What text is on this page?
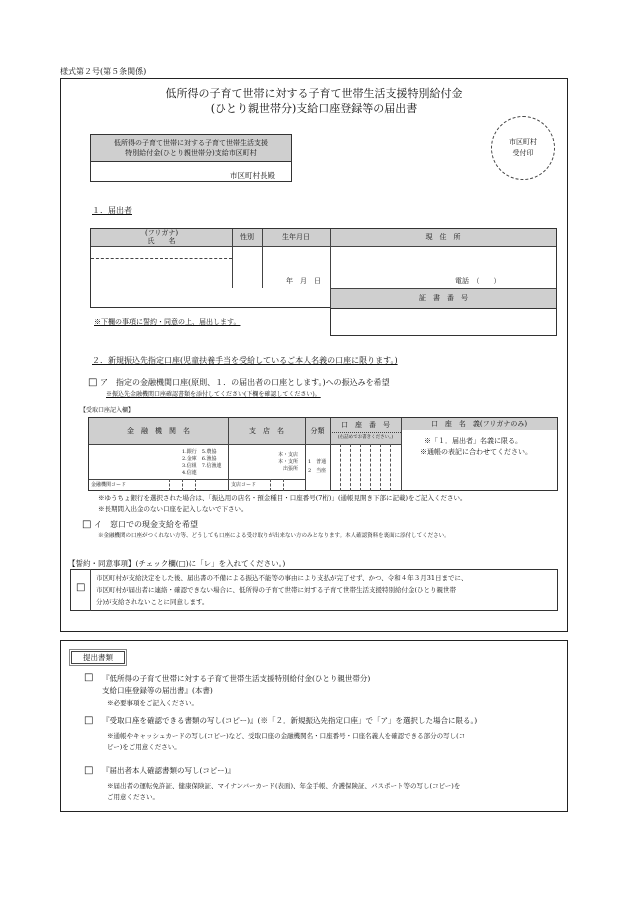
様式第２号(第５条関係)
低所得の子育て世帯に対する子育て世帯生活支援特別給付金
(ひとり親世帯分)支給口座登録等の届出書
市区町村
受付印
低所得の子育て世帯に対する子育て世帯生活支援
特別給付金(ひとり親世帯分)支給市区町村
市区町村長殿
１．届出者
(フリガナ)
氏　　名	性別	生年月日	現　住　所
年　月　日	電話　（　　）
証　書　番　号
※下欄の事項に誓約・同意の上、届出します。
２．新規振込先指定口座(児童扶養手当を受給しているご本人名義の口座に限ります。)
□ ア　指定の金融機関口座(原則、１．の届出者の口座とします。)への振込みを希望
※振込先金融機関口座確認書類を添付してください(下欄を確認してください)。
【受取口座記入欄】
金　融　機　関　名	支　店　名	分類
口　座　番　号
(右詰めでお書きください。)
口　座　名　義(フリガナのみ)
※「１．届出者」名義に限る。
※通帳の表記に合わせてください。
1.銀行　5.農協
2.金庫　6.漁協
3.信組　7.信漁連
4.信連
本・支店
本・支所
出張所
1　普通
2　当座
金融機関コード	支店コード
※ゆうちょ銀行を選択された場合は、「振込用の店名・預金種目・口座番号(7桁)」(通帳見開き下部に記載)をご記入ください。
※長期間入出金のない口座を記入しないで下さい。
□ イ　窓口での現金支給を希望
※金融機関の口座がつくれない方等、どうしても口座による受け取りが出来ない方のみとなります。本人確認資料を裏面に添付してください。
【誓約・同意事項】(チェック欄(□)に「レ」を入れてください。)
□
市区町村が支給決定をした後、届出書の不備による振込不能等の事由により支払が完了せず、かつ、令和４年３月31日までに、
市区町村が届出者に連絡・確認できない場合に、低所得の子育て世帯に対する子育て世帯生活支援特別給付金(ひとり親世帯
分)が支給されないことに同意します。
提出書類
□ 『低所得の子育て世帯に対する子育て世帯生活支援特別給付金(ひとり親世帯分)
支給口座登録等の届出書』(本書)
※必要事項をご記入ください。
□ 『受取口座を確認できる書類の写し(コピー)』(※「２．新規振込先指定口座」で「ア」を選択した場合に限る。)
※通帳やキャッシュカードの写し(コピー)など、受取口座の金融機関名・口座番号・口座名義人を確認できる部分の写し(コ
ピー)をご用意ください。
□ 『届出者本人確認書類の写し(コピー)』
※届出者の運転免許証、健康保険証、マイナンバーカード(表面)、年金手帳、介護保険証、パスポート等の写し(コピー)を
ご用意ください。
